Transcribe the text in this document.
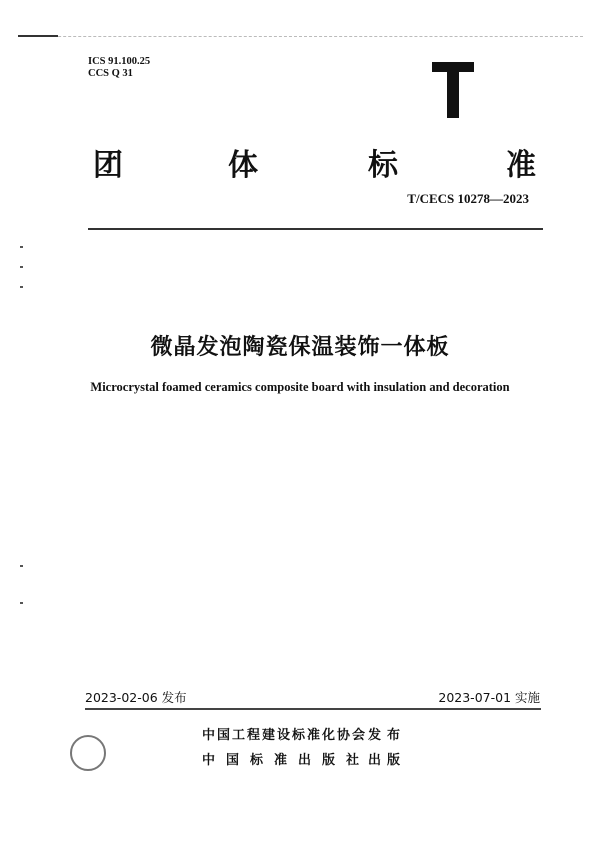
ICS 91.100.25
CCS Q 31
团	体	标	准
T/CECS 10278—2023
微晶发泡陶瓷保温装饰一体板
Microcrystal foamed ceramics composite board with insulation and decoration
2023-02-06 发布	2023-07-01 实施
中国工程建设标准化协会 发布
中国标准出版社
出版
